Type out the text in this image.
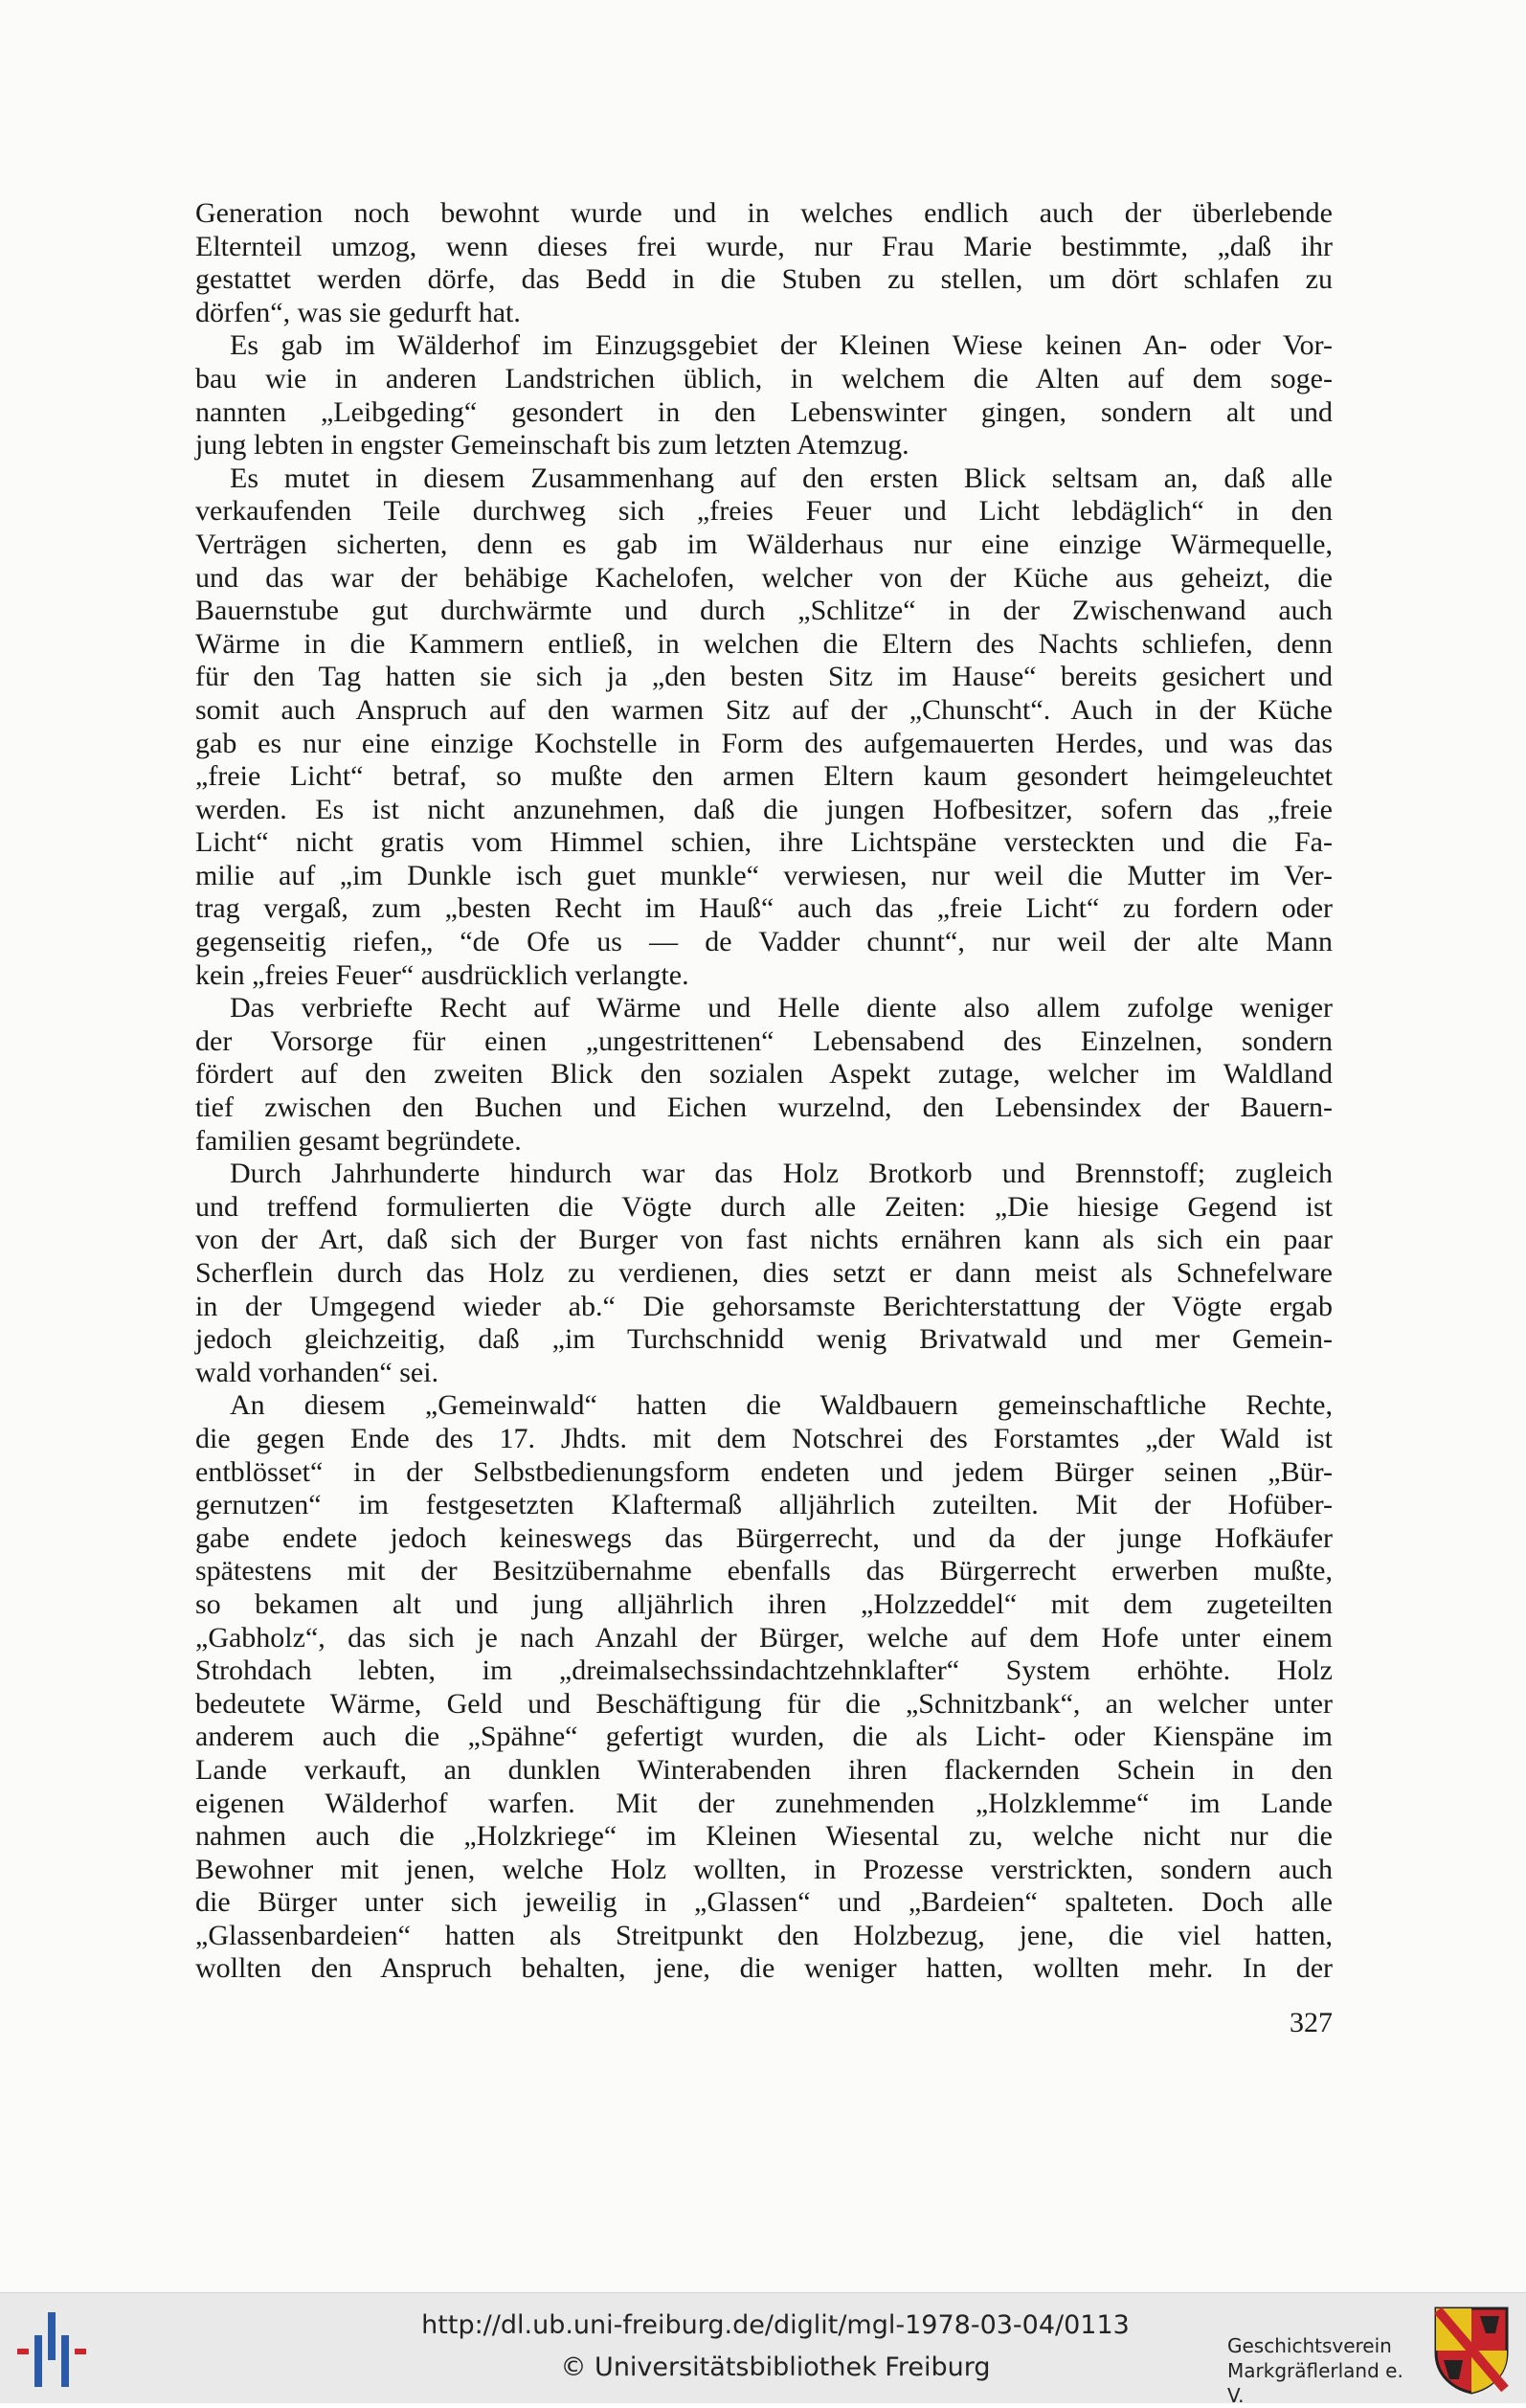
Generation noch bewohnt wurde und in welches endlich auch der überlebende
Elternteil umzog, wenn dieses frei wurde, nur Frau Marie bestimmte, „daß ihr
gestattet werden dörfe, das Bedd in die Stuben zu stellen, um dört schlafen zu
dörfen“, was sie gedurft hat.
Es gab im Wälderhof im Einzugsgebiet der Kleinen Wiese keinen An- oder Vor-
bau wie in anderen Landstrichen üblich, in welchem die Alten auf dem soge-
nannten „Leibgeding“ gesondert in den Lebenswinter gingen, sondern alt und
jung lebten in engster Gemeinschaft bis zum letzten Atemzug.
Es mutet in diesem Zusammenhang auf den ersten Blick seltsam an, daß alle
verkaufenden Teile durchweg sich „freies Feuer und Licht lebdäglich“ in den
Verträgen sicherten, denn es gab im Wälderhaus nur eine einzige Wärmequelle,
und das war der behäbige Kachelofen, welcher von der Küche aus geheizt, die
Bauernstube gut durchwärmte und durch „Schlitze“ in der Zwischenwand auch
Wärme in die Kammern entließ, in welchen die Eltern des Nachts schliefen, denn
für den Tag hatten sie sich ja „den besten Sitz im Hause“ bereits gesichert und
somit auch Anspruch auf den warmen Sitz auf der „Chunscht“. Auch in der Küche
gab es nur eine einzige Kochstelle in Form des aufgemauerten Herdes, und was das
„freie Licht“ betraf, so mußte den armen Eltern kaum gesondert heimgeleuchtet
werden. Es ist nicht anzunehmen, daß die jungen Hofbesitzer, sofern das „freie
Licht“ nicht gratis vom Himmel schien, ihre Lichtspäne versteckten und die Fa-
milie auf „im Dunkle isch guet munkle“ verwiesen, nur weil die Mutter im Ver-
trag vergaß, zum „besten Recht im Hauß“ auch das „freie Licht“ zu fordern oder
gegenseitig riefen„ “de Ofe us — de Vadder chunnt“, nur weil der alte Mann
kein „freies Feuer“ ausdrücklich verlangte.
Das verbriefte Recht auf Wärme und Helle diente also allem zufolge weniger
der Vorsorge für einen „ungestrittenen“ Lebensabend des Einzelnen, sondern
fördert auf den zweiten Blick den sozialen Aspekt zutage, welcher im Waldland
tief zwischen den Buchen und Eichen wurzelnd, den Lebensindex der Bauern-
familien gesamt begründete.
Durch Jahrhunderte hindurch war das Holz Brotkorb und Brennstoff; zugleich
und treffend formulierten die Vögte durch alle Zeiten: „Die hiesige Gegend ist
von der Art, daß sich der Burger von fast nichts ernähren kann als sich ein paar
Scherflein durch das Holz zu verdienen, dies setzt er dann meist als Schnefelware
in der Umgegend wieder ab.“ Die gehorsamste Berichterstattung der Vögte ergab
jedoch gleichzeitig, daß „im Turchschnidd wenig Brivatwald und mer Gemein-
wald vorhanden“ sei.
An diesem „Gemeinwald“ hatten die Waldbauern gemeinschaftliche Rechte,
die gegen Ende des 17. Jhdts. mit dem Notschrei des Forstamtes „der Wald ist
entblösset“ in der Selbstbedienungsform endeten und jedem Bürger seinen „Bür-
gernutzen“ im festgesetzten Klaftermaß alljährlich zuteilten. Mit der Hofüber-
gabe endete jedoch keineswegs das Bürgerrecht, und da der junge Hofkäufer
spätestens mit der Besitzübernahme ebenfalls das Bürgerrecht erwerben mußte,
so bekamen alt und jung alljährlich ihren „Holzzeddel“ mit dem zugeteilten
„Gabholz“, das sich je nach Anzahl der Bürger, welche auf dem Hofe unter einem
Strohdach lebten, im „dreimalsechssindachtzehnklafter“ System erhöhte. Holz
bedeutete Wärme, Geld und Beschäftigung für die „Schnitzbank“, an welcher unter
anderem auch die „Spähne“ gefertigt wurden, die als Licht- oder Kienspäne im
Lande verkauft, an dunklen Winterabenden ihren flackernden Schein in den
eigenen Wälderhof warfen. Mit der zunehmenden „Holzklemme“ im Lande
nahmen auch die „Holzkriege“ im Kleinen Wiesental zu, welche nicht nur die
Bewohner mit jenen, welche Holz wollten, in Prozesse verstrickten, sondern auch
die Bürger unter sich jeweilig in „Glassen“ und „Bardeien“ spalteten. Doch alle
„Glassenbardeien“ hatten als Streitpunkt den Holzbezug, jene, die viel hatten,
wollten den Anspruch behalten, jene, die weniger hatten, wollten mehr. In der
327
http://dl.ub.uni-freiburg.de/diglit/mgl-1978-03-04/0113
© Universitätsbibliothek Freiburg
Geschichtsverein
Markgräflerland e. V.
